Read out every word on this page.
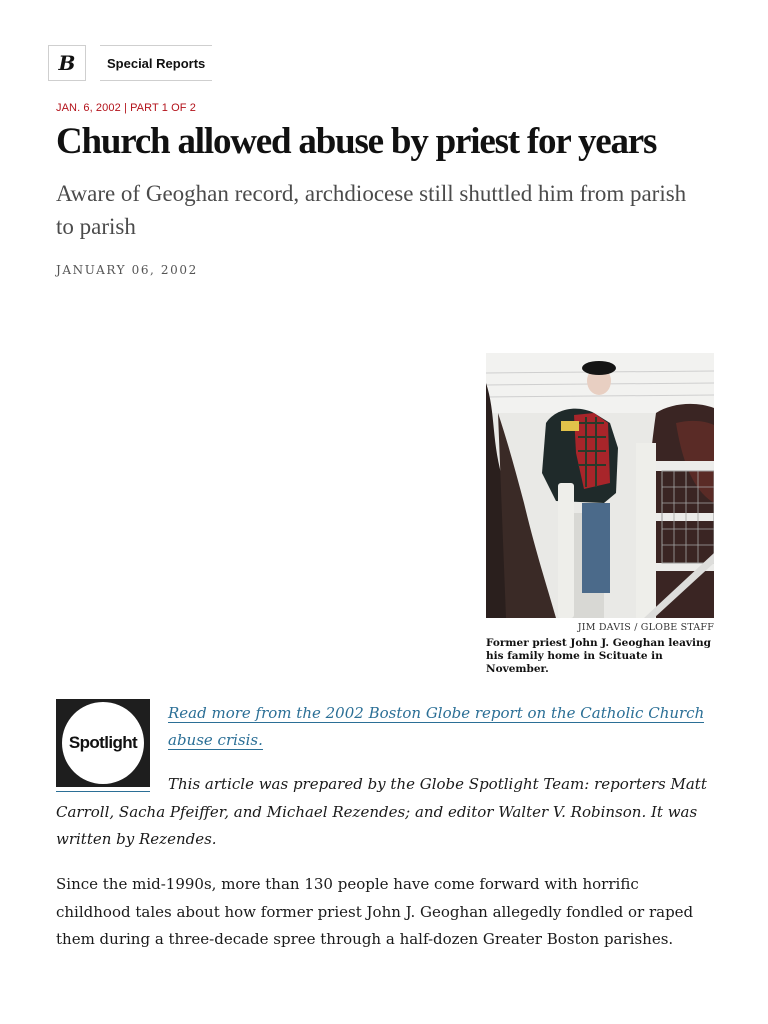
B	Special Reports
JAN. 6, 2002 | PART 1 OF 2
Church allowed abuse by priest for years
Aware of Geoghan record, archdiocese still shuttled him from parish to parish
JANUARY 06, 2002
JIM DAVIS / GLOBE STAFF
Former priest John J. Geoghan leaving his family home in Scituate in November.
Spotlight
Read more from the 2002 Boston Globe report on the Catholic Church abuse crisis.

This article was prepared by the Globe Spotlight Team: reporters Matt Carroll, Sacha Pfeiffer, and Michael Rezendes; and editor Walter V. Robinson. It was written by Rezendes.

Since the mid-1990s, more than 130 people have come forward with horrific childhood tales about how former priest John J. Geoghan allegedly fondled or raped them during a three-decade spree through a half-dozen Greater Boston parishes.
